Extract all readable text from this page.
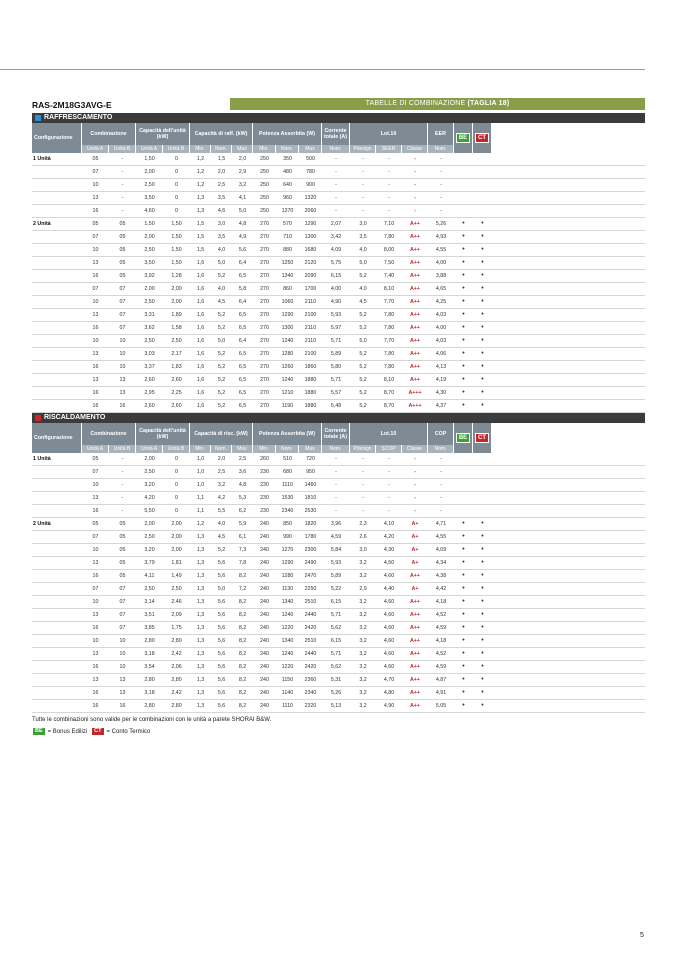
RAS-2M18G3AVG-E	TABELLE DI COMBINAZIONE (TAGLIA 18)
RAFFRESCAMENTO
Configurazione
Combinazione
Unità A	Unità B
Capacità dell'unità (kW)
Unità A	Unità B
Capacità di raff. (kW)
Min.	Nom.	Max
Potenza Assorbita (W)
Min.	Nom.	Max
Corrente totale (A)
Nom.
Lot.10
Pdesign	SEER	Classe
EER
Nom.
BE	CT
1 Unità	05	-	1,50	0	1,2	1,5	2,0	250	350	500	-	-	-	-	-
07	-	2,00	0	1,2	2,0	2,9	250	480	780	-	-	-	-	-
10	-	2,50	0	1,2	2,5	3,2	250	640	900	-	-	-	-	-
13	-	3,50	0	1,3	3,5	4,1	250	960	1320	-	-	-	-	-
16	-	4,60	0	1,3	4,6	5,0	250	1370	2060	-	-	-	-	-
2 Unità	05	05	1,50	1,50	1,5	3,0	4,8	270	570	1290	2,07	3,0	7,10	A++	5,26	•	•
07	05	2,00	1,50	1,5	3,5	4,9	270	710	1300	3,42	3,5	7,80	A++	4,93	•	•
10	05	2,50	1,50	1,5	4,0	5,6	270	880	1680	4,09	4,0	8,00	A++	4,55	•	•
13	05	3,50	1,50	1,6	5,0	6,4	270	1250	2120	5,75	5,0	7,50	A++	4,00	•	•
16	05	3,92	1,28	1,6	5,2	6,5	270	1340	2090	6,15	5,2	7,40	A++	3,88	•	•
07	07	2,00	2,00	1,6	4,0	5,8	270	860	1700	4,00	4,0	8,10	A++	4,65	•	•
10	07	2,50	2,00	1,6	4,5	6,4	270	1060	2110	4,90	4,5	7,70	A++	4,25	•	•
13	07	3,31	1,89	1,6	5,2	6,5	270	1290	2100	5,93	5,2	7,80	A++	4,03	•	•
16	07	3,62	1,58	1,6	5,2	6,5	270	1300	2110	5,97	5,2	7,80	A++	4,00	•	•
10	10	2,50	2,50	1,6	5,0	6,4	270	1240	2110	5,71	5,0	7,70	A++	4,03	•	•
13	10	3,03	2,17	1,6	5,2	6,5	270	1280	2100	5,89	5,2	7,80	A++	4,06	•	•
16	10	3,37	1,83	1,6	5,2	6,5	270	1260	1860	5,80	5,2	7,80	A++	4,13	•	•
13	13	2,60	2,60	1,6	5,2	6,5	270	1240	1880	5,71	5,2	8,10	A++	4,19	•	•
16	13	2,95	2,25	1,6	5,2	6,5	270	1210	1880	5,57	5,2	8,70	A+++	4,30	•	•
16	16	2,60	2,60	1,6	5,2	6,5	270	1190	1880	5,48	5,2	8,70	A+++	4,37	•	•
RISCALDAMENTO
Configurazione
Combinazione
Unità A	Unità B
Capacità dell'unità (kW)
Unità A	Unità B
Capacità di risc. (kW)
Min.	Nom.	Max
Potenza Assorbita (W)
Min.	Nom.	Max
Corrente totale (A)
Nom.
Lot.10
Pdesign	SCOP	Classe
COP
Nom.
BE	CT
1 Unità	05	-	2,00	0	1,0	2,0	2,5	260	510	720	-	-	-	-	-
07	-	2,50	0	1,0	2,5	3,6	230	680	950	-	-	-	-	-
10	-	3,20	0	1,0	3,2	4,8	230	1110	1460	-	-	-	-	-
13	-	4,20	0	1,1	4,2	5,3	230	1530	1810	-	-	-	-	-
16	-	5,50	0	1,1	5,5	6,2	230	2340	2530	-	-	-	-	-
2 Unità	05	05	2,00	2,00	1,2	4,0	5,9	240	850	1820	3,96	2,3	4,10	A+	4,71	•	•
07	05	2,50	2,00	1,3	4,5	6,1	240	990	1780	4,59	2,6	4,20	A+	4,55	•	•
10	05	3,20	2,00	1,3	5,2	7,3	240	1270	2300	5,84	3,0	4,30	A+	4,09	•	•
13	05	3,79	1,81	1,3	5,6	7,8	240	1290	2490	5,93	3,2	4,50	A+	4,34	•	•
16	05	4,11	1,49	1,3	5,6	8,2	240	1280	2470	5,89	3,2	4,60	A++	4,38	•	•
07	07	2,50	2,50	1,3	5,0	7,2	240	1130	2250	5,22	2,9	4,40	A+	4,42	•	•
10	07	3,14	2,46	1,3	5,6	8,2	240	1340	2510	6,15	3,2	4,60	A++	4,18	•	•
13	07	3,51	2,09	1,3	5,6	8,2	240	1240	2440	5,71	3,2	4,60	A++	4,52	•	•
16	07	3,85	1,75	1,3	5,6	8,2	240	1220	2420	5,62	3,2	4,60	A++	4,59	•	•
10	10	2,80	2,80	1,3	5,6	8,2	240	1340	2510	6,15	3,2	4,60	A++	4,18	•	•
13	10	3,18	2,42	1,3	5,6	8,2	240	1240	2440	5,71	3,2	4,60	A++	4,52	•	•
16	10	3,54	2,06	1,3	5,6	8,2	240	1220	2420	5,62	3,2	4,60	A++	4,59	•	•
13	13	2,80	2,80	1,3	5,6	8,2	240	1150	2360	5,31	3,2	4,70	A++	4,87	•	•
16	13	3,18	2,42	1,3	5,6	8,2	240	1140	2340	5,26	3,2	4,80	A++	4,91	•	•
16	16	2,80	2,80	1,3	5,6	8,2	240	1110	2320	5,13	3,2	4,90	A++	5,05	•	•
Tutte le combinazioni sono valide per le combinazioni con le unità a parete SHORAI B&W.
BE = Bonus Edilizi	CT = Conto Termico
5
